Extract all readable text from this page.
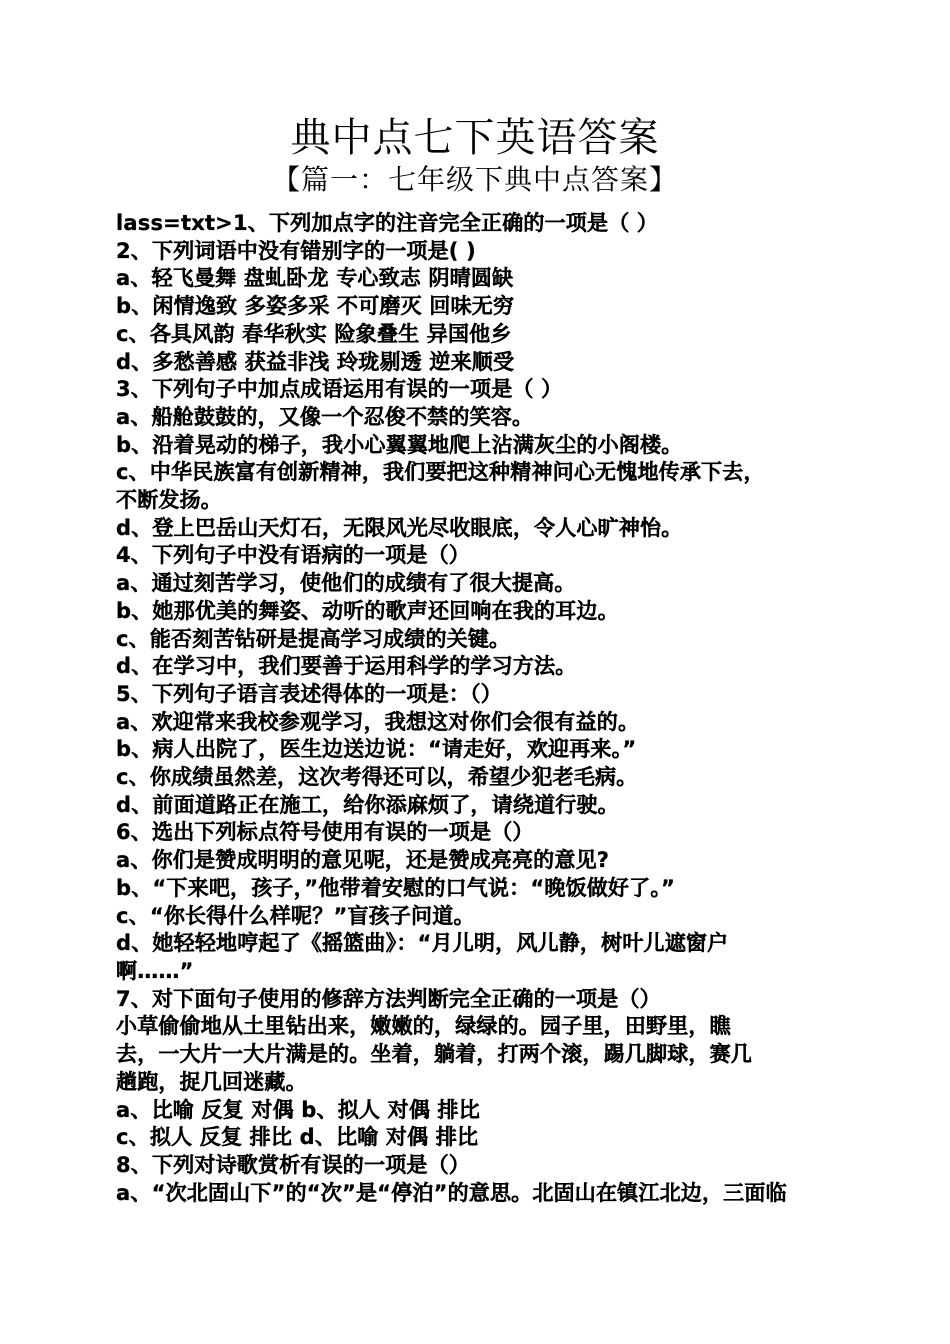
典中点七下英语答案
【篇一：七年级下典中点答案】
lass=txt>1、下列加点字的注音完全正确的一项是（ ）
2、下列词语中没有错别字的一项是( )
a、轻飞曼舞 盘虬卧龙 专心致志 阴晴圆缺
b、闲情逸致 多姿多采 不可磨灭 回味无穷
c、各具风韵 春华秋实 险象叠生 异国他乡
d、多愁善感 获益非浅 玲珑剔透 逆来顺受
3、下列句子中加点成语运用有误的一项是（ ）
a、船舱鼓鼓的，又像一个忍俊不禁的笑容。
b、沿着晃动的梯子，我小心翼翼地爬上沾满灰尘的小阁楼。
c、中华民族富有创新精神，我们要把这种精神问心无愧地传承下去，
不断发扬。
d、登上巴岳山天灯石，无限风光尽收眼底，令人心旷神怡。
4、下列句子中没有语病的一项是（）
a、通过刻苦学习，使他们的成绩有了很大提高。
b、她那优美的舞姿、动听的歌声还回响在我的耳边。
c、能否刻苦钻研是提高学习成绩的关键。
d、在学习中，我们要善于运用科学的学习方法。
5、下列句子语言表述得体的一项是：（）
a、欢迎常来我校参观学习，我想这对你们会很有益的。
b、病人出院了，医生边送边说：“请走好，欢迎再来。”
c、你成绩虽然差，这次考得还可以，希望少犯老毛病。
d、前面道路正在施工，给你添麻烦了，请绕道行驶。
6、选出下列标点符号使用有误的一项是（）
a、你们是赞成明明的意见呢，还是赞成亮亮的意见?
b、“下来吧，孩子，”他带着安慰的口气说：“晚饭做好了。”
c、“你长得什么样呢？”盲孩子问道。
d、她轻轻地哼起了《摇篮曲》：“月儿明，风儿静，树叶儿遮窗户
啊……”
7、对下面句子使用的修辞方法判断完全正确的一项是（）
小草偷偷地从土里钻出来，嫩嫩的，绿绿的。园子里，田野里，瞧
去，一大片一大片满是的。坐着，躺着，打两个滚，踢几脚球，赛几
趟跑，捉几回迷藏。
a、比喻 反复 对偶 b、拟人 对偶 排比
c、拟人 反复 排比 d、比喻 对偶 排比
8、下列对诗歌赏析有误的一项是（）
a、“次北固山下”的“次”是“停泊”的意思。北固山在镇江北边，三面临
